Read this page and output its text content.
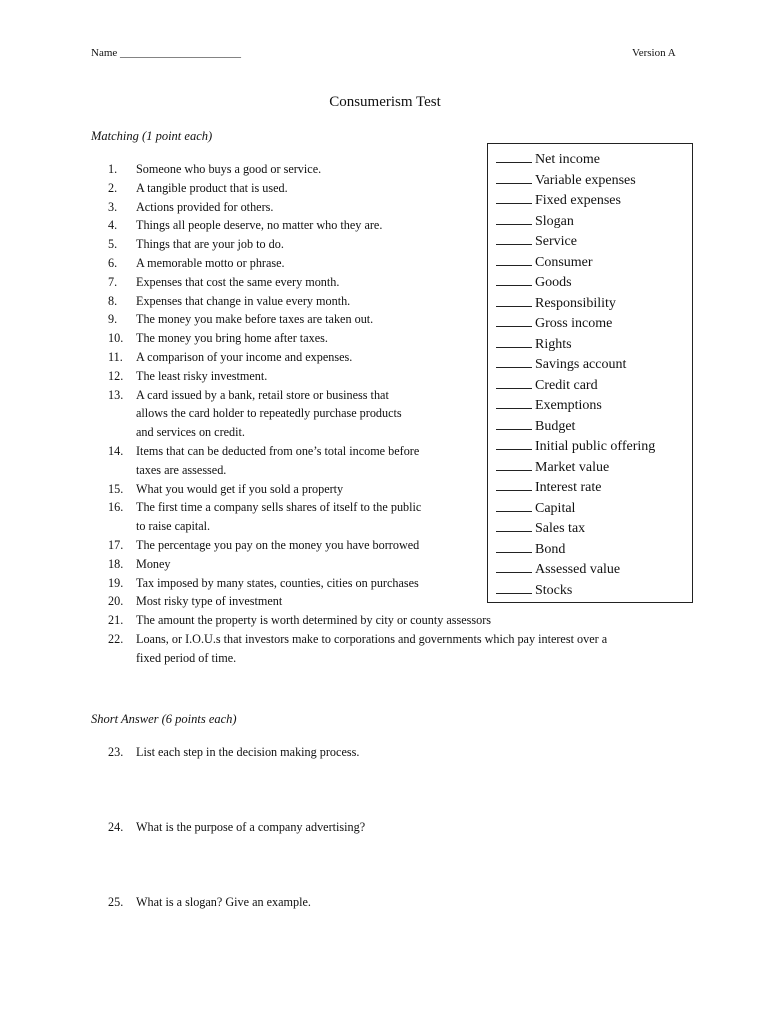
Name ______________________	Version A
Consumerism Test
Matching (1 point each)
1.	Someone who buys a good or service.
2.	A tangible product that is used.
3.	Actions provided for others.
4.	Things all people deserve, no matter who they are.
5.	Things that are your job to do.
6.	A memorable motto or phrase.
7.	Expenses that cost the same every month.
8.	Expenses that change in value every month.
9.	The money you make before taxes are taken out.
10.	The money you bring home after taxes.
11.	A comparison of your income and expenses.
12.	The least risky investment.
13.	A card issued by a bank, retail store or business that
allows the card holder to repeatedly purchase products
and services on credit.
14.	Items that can be deducted from one’s total income before
taxes are assessed.
15.	What you would get if you sold a property
16.	The first time a company sells shares of itself to the public
to raise capital.
17.	The percentage you pay on the money you have borrowed
18.	Money
19.	Tax imposed by many states, counties, cities on purchases
20.	Most risky type of investment
21.	The amount the property is worth determined by city or county assessors
22.	Loans, or I.O.U.s that investors make to corporations and governments which pay interest over a
fixed period of time.
Net income
Variable expenses
Fixed expenses
Slogan
Service
Consumer
Goods
Responsibility
Gross income
Rights
Savings account
Credit card
Exemptions
Budget
Initial public offering
Market value
Interest rate
Capital
Sales tax
Bond
Assessed value
Stocks
Short Answer (6 points each)
23.	List each step in the decision making process.
24.	What is the purpose of a company advertising?
25.	What is a slogan? Give an example.
